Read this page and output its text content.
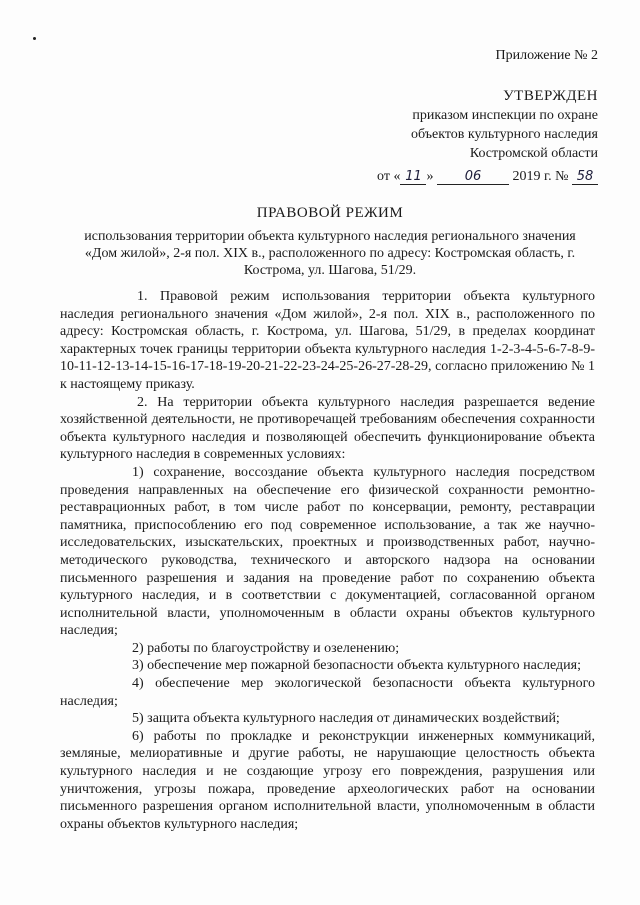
Приложение № 2
УТВЕРЖДЕН
приказом инспекции по охране
объектов культурного наследия
Костромской области
от « 11 » 06 2019 г. № 58
ПРАВОВОЙ РЕЖИМ
использования территории объекта культурного наследия регионального значения «Дом жилой», 2-я пол. XIX в., расположенного по адресу: Костромская область, г. Кострома, ул. Шагова, 51/29.

1. Правовой режим использования территории объекта культурного наследия регионального значения «Дом жилой», 2-я пол. XIX в., расположенного по адресу: Костромская область, г. Кострома, ул. Шагова, 51/29, в пределах координат характерных точек границы территории объекта культурного наследия 1-2-3-4-5-6-7-8-9-10-11-12-13-14-15-16-17-18-19-20-21-22-23-24-25-26-27-28-29, согласно приложению № 1 к настоящему приказу.

2. На территории объекта культурного наследия разрешается ведение хозяйственной деятельности, не противоречащей требованиям обеспечения сохранности объекта культурного наследия и позволяющей обеспечить функционирование объекта культурного наследия в современных условиях:

1) сохранение, воссоздание объекта культурного наследия посредством проведения направленных на обеспечение его физической сохранности ремонтно-реставрационных работ, в том числе работ по консервации, ремонту, реставрации памятника, приспособлению его под современное использование, а так же научно-исследовательских, изыскательских, проектных и производственных работ, научно-методического руководства, технического и авторского надзора на основании письменного разрешения и задания на проведение работ по сохранению объекта культурного наследия, и в соответствии с документацией, согласованной органом исполнительной власти, уполномоченным в области охраны объектов культурного наследия;

2) работы по благоустройству и озеленению;

3) обеспечение мер пожарной безопасности объекта культурного наследия;

4) обеспечение мер экологической безопасности объекта культурного наследия;

5) защита объекта культурного наследия от динамических воздействий;

6) работы по прокладке и реконструкции инженерных коммуникаций, земляные, мелиоративные и другие работы, не нарушающие целостность объекта культурного наследия и не создающие угрозу его повреждения, разрушения или уничтожения, угрозы пожара, проведение археологических работ на основании письменного разрешения органом исполнительной власти, уполномоченным в области охраны объектов культурного наследия;
